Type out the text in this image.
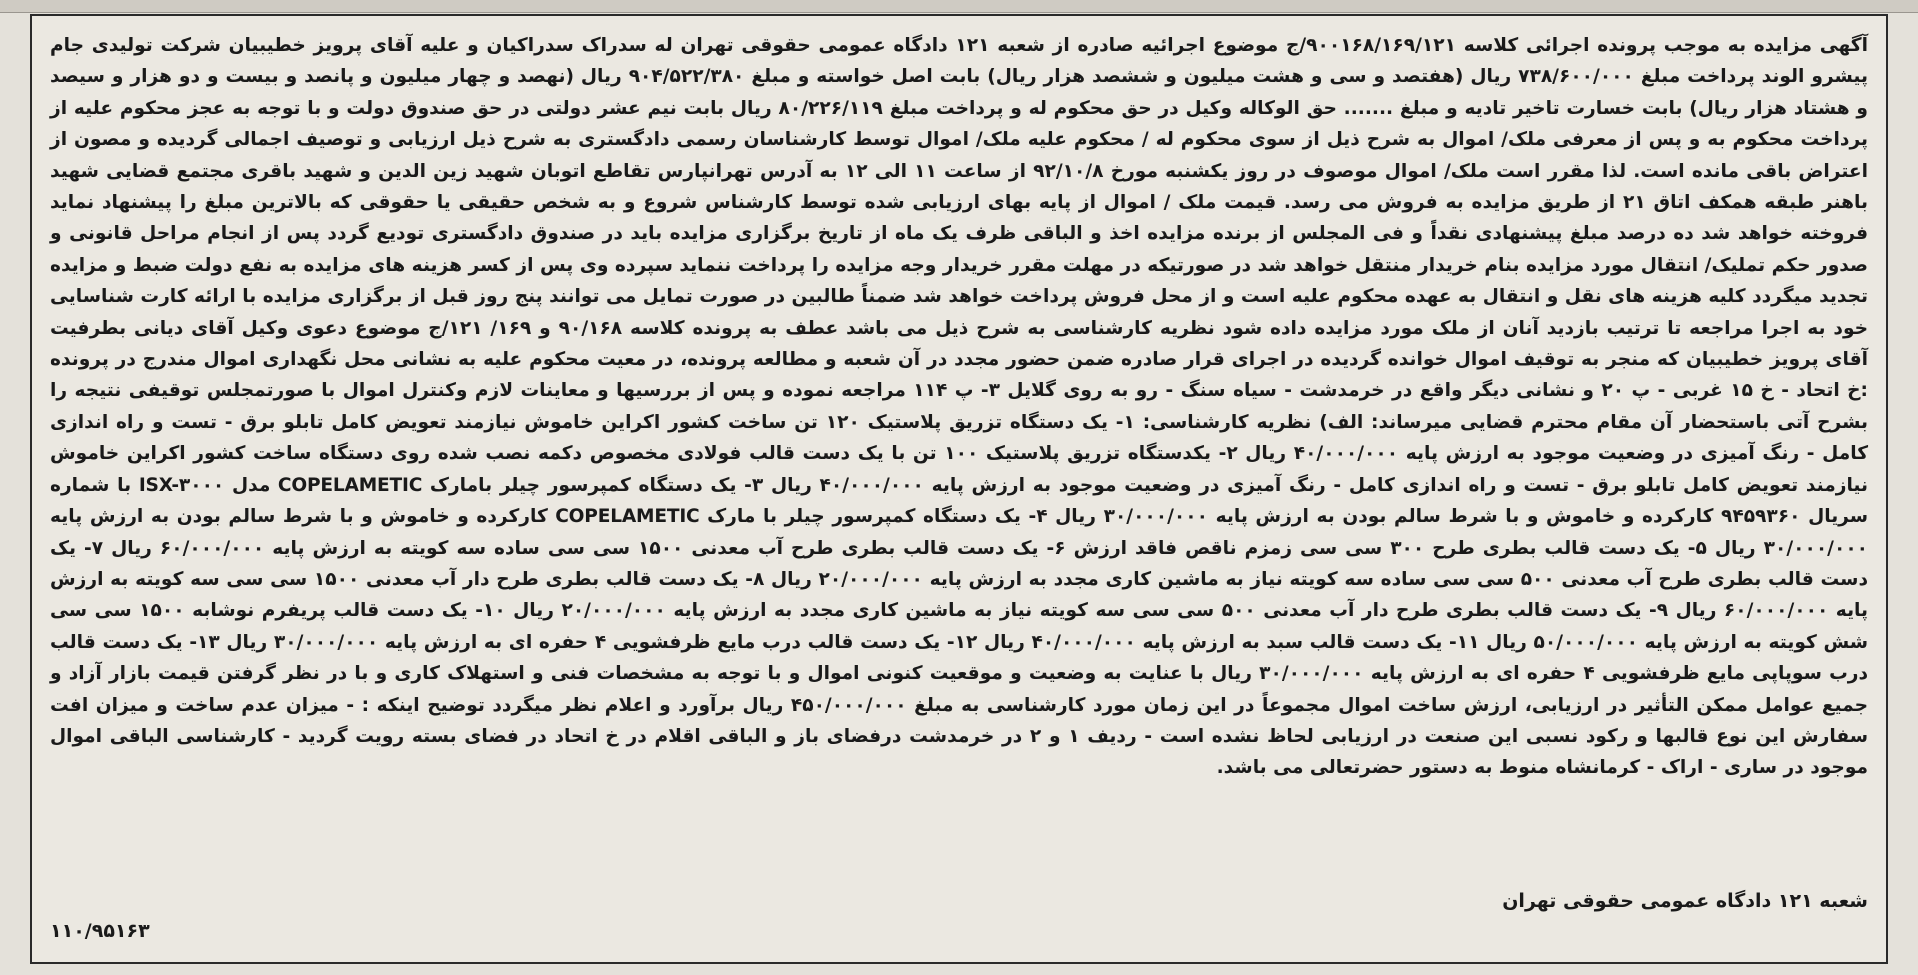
آگهی مزایده به موجب پرونده اجرائی کلاسه ۹۰۰۱۶۸/۱۶۹/۱۲۱/ج موضوع اجرائیه صادره از شعبه ۱۲۱ دادگاه عمومی حقوقی تهران له سدراک سدراکیان و علیه آقای پرویز خطیبیان شرکت تولیدی جام پیشرو الوند پرداخت مبلغ ۷۳۸/۶۰۰/۰۰۰ ریال (هفتصد و سی و هشت میلیون و ششصد هزار ریال) بابت اصل خواسته و مبلغ ۹۰۴/۵۲۲/۳۸۰ ریال (نهصد و چهار میلیون و پانصد و بیست و دو هزار و سیصد و هشتاد هزار ریال) بابت خسارت تاخیر تادیه و مبلغ ....... حق الوکاله وکیل در حق محکوم له و پرداخت مبلغ ۸۰/۲۲۶/۱۱۹ ریال بابت نیم عشر دولتی در حق صندوق دولت و با توجه به عجز محکوم علیه از پرداخت محکوم به و پس از معرفی ملک/ اموال به شرح ذیل از سوی محکوم له / محکوم علیه ملک/ اموال توسط کارشناسان رسمی دادگستری به شرح ذیل ارزیابی و توصیف اجمالی گردیده و مصون از اعتراض باقی مانده است. لذا مقرر است ملک/ اموال موصوف در روز یکشنبه مورخ ۹۲/۱۰/۸ از ساعت ۱۱ الی ۱۲ به آدرس تهرانپارس تقاطع اتوبان شهید زین الدین و شهید باقری مجتمع قضایی شهید باهنر طبقه همکف اتاق ۲۱ از طریق مزایده به فروش می رسد. قیمت ملک / اموال از پایه بهای ارزیابی شده توسط کارشناس شروع و به شخص حقیقی یا حقوقی که بالاترین مبلغ را پیشنهاد نماید فروخته خواهد شد ده درصد مبلغ پیشنهادی نقداً و فی المجلس از برنده مزایده اخذ و الباقی ظرف یک ماه از تاریخ برگزاری مزایده باید در صندوق دادگستری تودیع گردد پس از انجام مراحل قانونی و صدور حکم تملیک/ انتقال مورد مزایده بنام خریدار منتقل خواهد شد در صورتیکه در مهلت مقرر خریدار وجه مزایده را پرداخت ننماید سپرده وی پس از کسر هزینه های مزایده به نفع دولت ضبط و مزایده تجدید میگردد کلیه هزینه های نقل و انتقال به عهده محکوم علیه است و از محل فروش پرداخت خواهد شد ضمناً طالبین در صورت تمایل می توانند پنج روز قبل از برگزاری مزایده با ارائه کارت شناسایی خود به اجرا مراجعه تا ترتیب بازدید آنان از ملک مورد مزایده داده شود نظریه کارشناسی به شرح ذیل می باشد عطف به پرونده کلاسه ۹۰/۱۶۸ و ۱۶۹/ ۱۲۱/ج موضوع دعوی وکیل آقای دیانی بطرفیت آقای پرویز خطیبیان که منجر به توقیف اموال خوانده گردیده در اجرای قرار صادره ضمن حضور مجدد در آن شعبه و مطالعه پرونده، در معیت محکوم علیه به نشانی محل نگهداری اموال مندرج در پرونده :خ اتحاد - خ ۱۵ غربی - پ ۲۰ و نشانی دیگر واقع در خرمدشت - سیاه سنگ - رو به روی گلایل ۳- پ ۱۱۴ مراجعه نموده و پس از بررسیها و معاینات لازم وکنترل اموال با صورتمجلس توقیفی نتیجه را بشرح آتی باستحضار آن مقام محترم قضایی میرساند: الف) نظریه کارشناسی: ۱- یک دستگاه تزریق پلاستیک ۱۲۰ تن ساخت کشور اکراین خاموش نیازمند تعویض کامل تابلو برق - تست و راه اندازی کامل - رنگ آمیزی در وضعیت موجود به ارزش پایه ۴۰/۰۰۰/۰۰۰ ریال ۲- یکدستگاه تزریق پلاستیک ۱۰۰ تن با یک دست قالب فولادی مخصوص دکمه نصب شده روی دستگاه ساخت کشور اکراین خاموش نیازمند تعویض کامل تابلو برق - تست و راه اندازی کامل - رنگ آمیزی در وضعیت موجود به ارزش پایه ۴۰/۰۰۰/۰۰۰ ریال ۳- یک دستگاه کمپرسور چیلر بامارک COPELAMETIC مدل ISX-۳۰۰۰ با شماره سریال ۹۴۵۹۳۶۰ کارکرده و خاموش و با شرط سالم بودن به ارزش پایه ۳۰/۰۰۰/۰۰۰ ریال ۴- یک دستگاه کمپرسور چیلر با مارک COPELAMETIC کارکرده و خاموش و با شرط سالم بودن به ارزش پایه ۳۰/۰۰۰/۰۰۰ ریال ۵- یک دست قالب بطری طرح ۳۰۰ سی سی زمزم ناقص فاقد ارزش ۶- یک دست قالب بطری طرح آب معدنی ۱۵۰۰ سی سی ساده سه کویته به ارزش پایه ۶۰/۰۰۰/۰۰۰ ریال ۷- یک دست قالب بطری طرح آب معدنی ۵۰۰ سی سی ساده سه کویته نیاز به ماشین کاری مجدد به ارزش پایه ۲۰/۰۰۰/۰۰۰ ریال ۸- یک دست قالب بطری طرح دار آب معدنی ۱۵۰۰ سی سی سه کویته به ارزش پایه ۶۰/۰۰۰/۰۰۰ ریال ۹- یک دست قالب بطری طرح دار آب معدنی ۵۰۰ سی سی سه کویته نیاز به ماشین کاری مجدد به ارزش پایه ۲۰/۰۰۰/۰۰۰ ریال ۱۰- یک دست قالب پریفرم نوشابه ۱۵۰۰ سی سی شش کویته به ارزش پایه ۵۰/۰۰۰/۰۰۰ ریال ۱۱- یک دست قالب سبد به ارزش پایه ۴۰/۰۰۰/۰۰۰ ریال ۱۲- یک دست قالب درب مایع ظرفشویی ۴ حفره ای به ارزش پایه ۳۰/۰۰۰/۰۰۰ ریال ۱۳- یک دست قالب درب سوپاپی مایع ظرفشویی ۴ حفره ای به ارزش پایه ۳۰/۰۰۰/۰۰۰ ریال با عنایت به وضعیت و موقعیت کنونی اموال و با توجه به مشخصات فنی و استهلاک کاری و با در نظر گرفتن قیمت بازار آزاد و جمیع عوامل ممکن التأثیر در ارزیابی، ارزش ساخت اموال مجموعاً در این زمان مورد کارشناسی به مبلغ ۴۵۰/۰۰۰/۰۰۰ ریال برآورد و اعلام نظر میگردد توضیح اینکه : - میزان عدم ساخت و میزان افت سفارش این نوع قالبها و رکود نسبی این صنعت در ارزیابی لحاظ نشده است - ردیف ۱ و ۲ در خرمدشت درفضای باز و الباقی اقلام در خ اتحاد در فضای بسته رویت گردید - کارشناسی الباقی اموال موجود در ساری - اراک - کرمانشاه منوط به دستور حضرتعالی می باشد.

شعبه ۱۲۱ دادگاه عمومی حقوقی تهران
۱۱۰/۹۵۱۶۳
